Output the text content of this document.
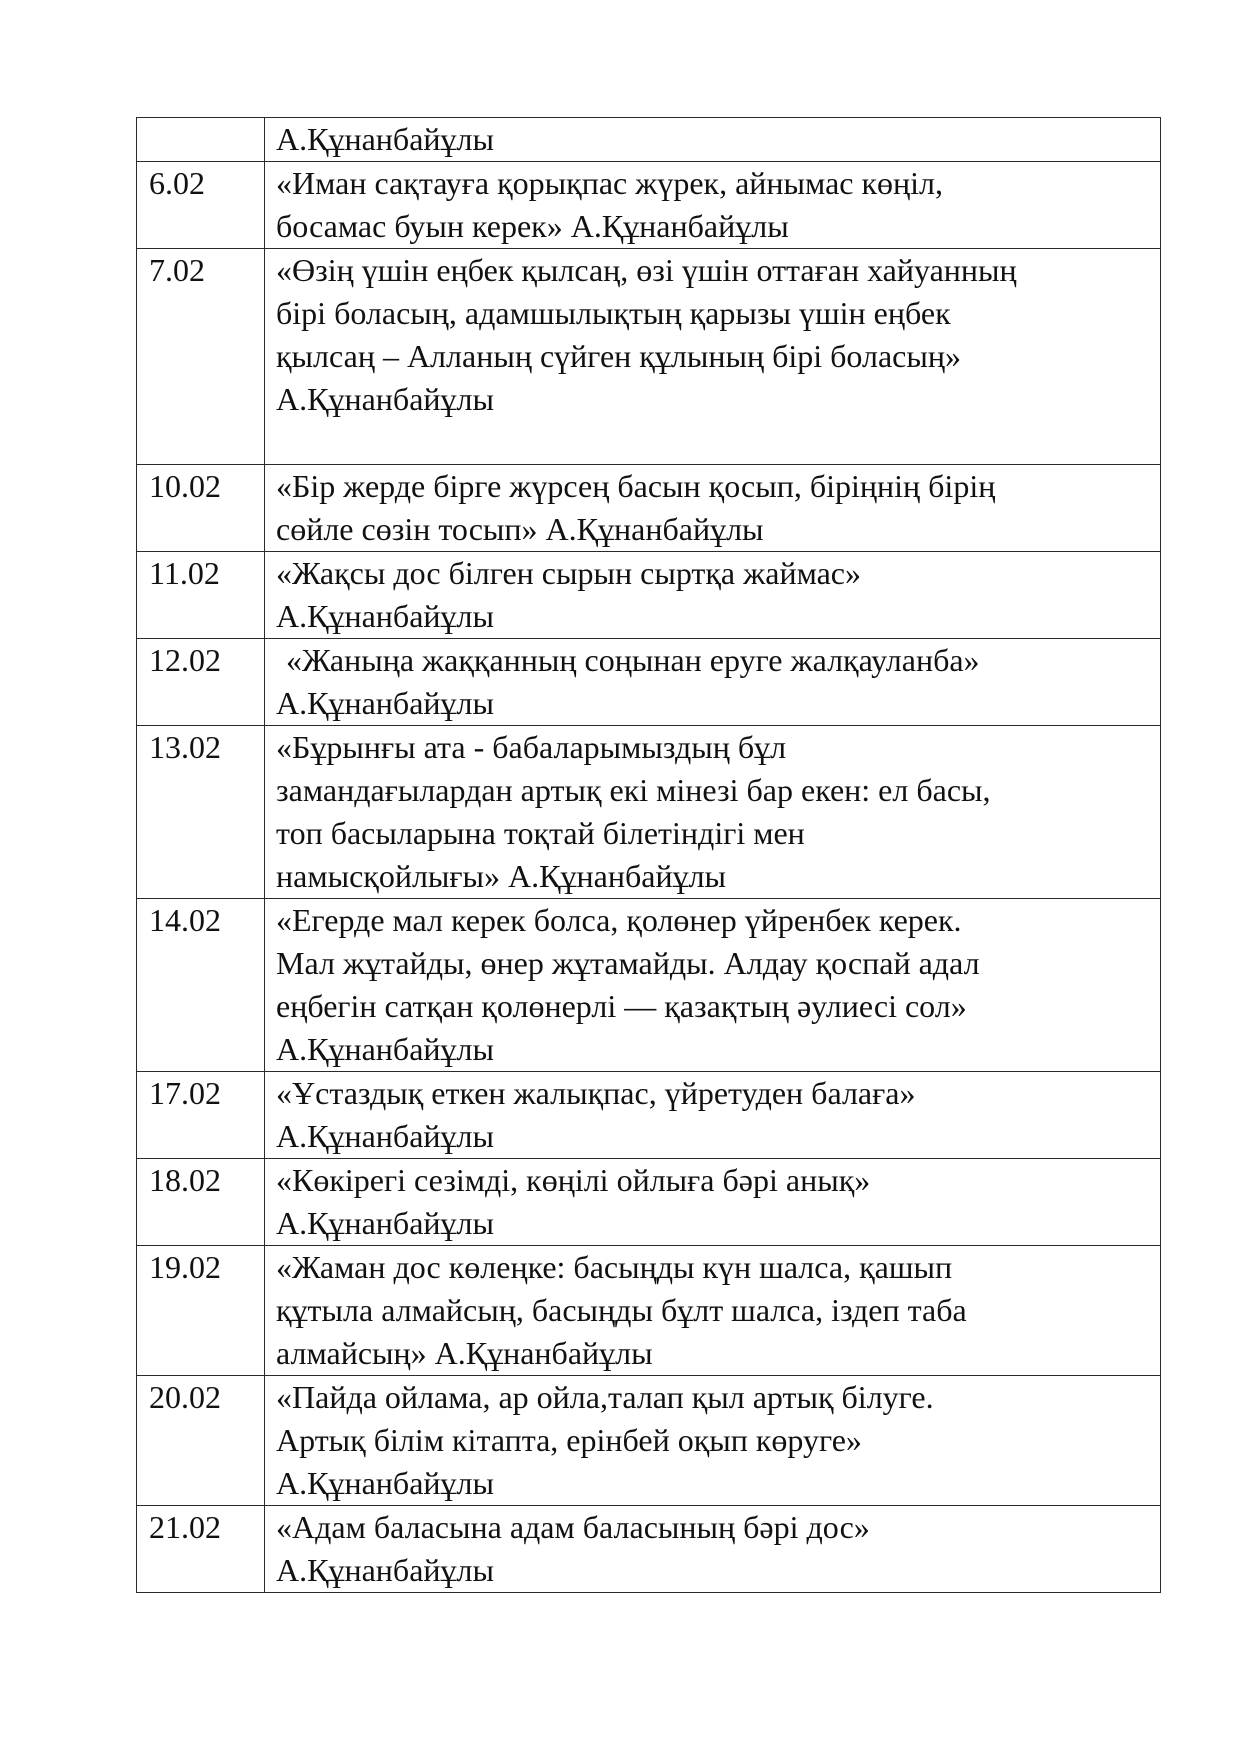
	А.Құнанбайұлы

6.02	«Иман сақтауға қорықпас жүрек, айнымас көңіл,
босамас буын керек» А.Құнанбайұлы

7.02	«Өзің үшін еңбек қылсаң, өзі үшін оттаған хайуанның
бірі боласың, адамшылықтың қарызы үшін еңбек
қылсаң – Алланың сүйген құлының бірі боласың»
А.Құнанбайұлы

10.02	«Бір жерде бірге жүрсең басын қосып, біріңнің бірің
сөйле сөзін тосып» А.Құнанбайұлы

11.02	«Жақсы дос білген сырын сыртқа жаймас»
А.Құнанбайұлы

12.02	«Жаныңа жаққанның соңынан еруге жалқауланба»
А.Құнанбайұлы

13.02	«Бұрынғы ата - бабаларымыздың бұл
замандағылардан артық екі мінезі бар екен: ел басы,
топ басыларына тоқтай білетіндігі мен
намысқойлығы» А.Құнанбайұлы

14.02	«Егерде мал керек болса, қолөнер үйренбек керек.
Мал жұтайды, өнер жұтамайды. Алдау қоспай адал
еңбегін сатқан қолөнерлі — қазақтың әулиесі сол»
А.Құнанбайұлы

17.02	«Ұстаздық еткен жалықпас, үйретуден балаға»
А.Құнанбайұлы

18.02	«Көкірегі сезімді, көңілі ойлыға бәрі анық»
А.Құнанбайұлы

19.02	«Жаман дос көлеңке: басыңды күн шалса, қашып
құтыла алмайсың, басыңды бұлт шалса, іздеп таба
алмайсың» А.Құнанбайұлы

20.02	«Пайда ойлама, ар ойла,талап қыл артық білуге.
Артық білім кітапта, ерінбей оқып көруге»
А.Құнанбайұлы

21.02	«Адам баласына адам баласының бәрі дос»
А.Құнанбайұлы
